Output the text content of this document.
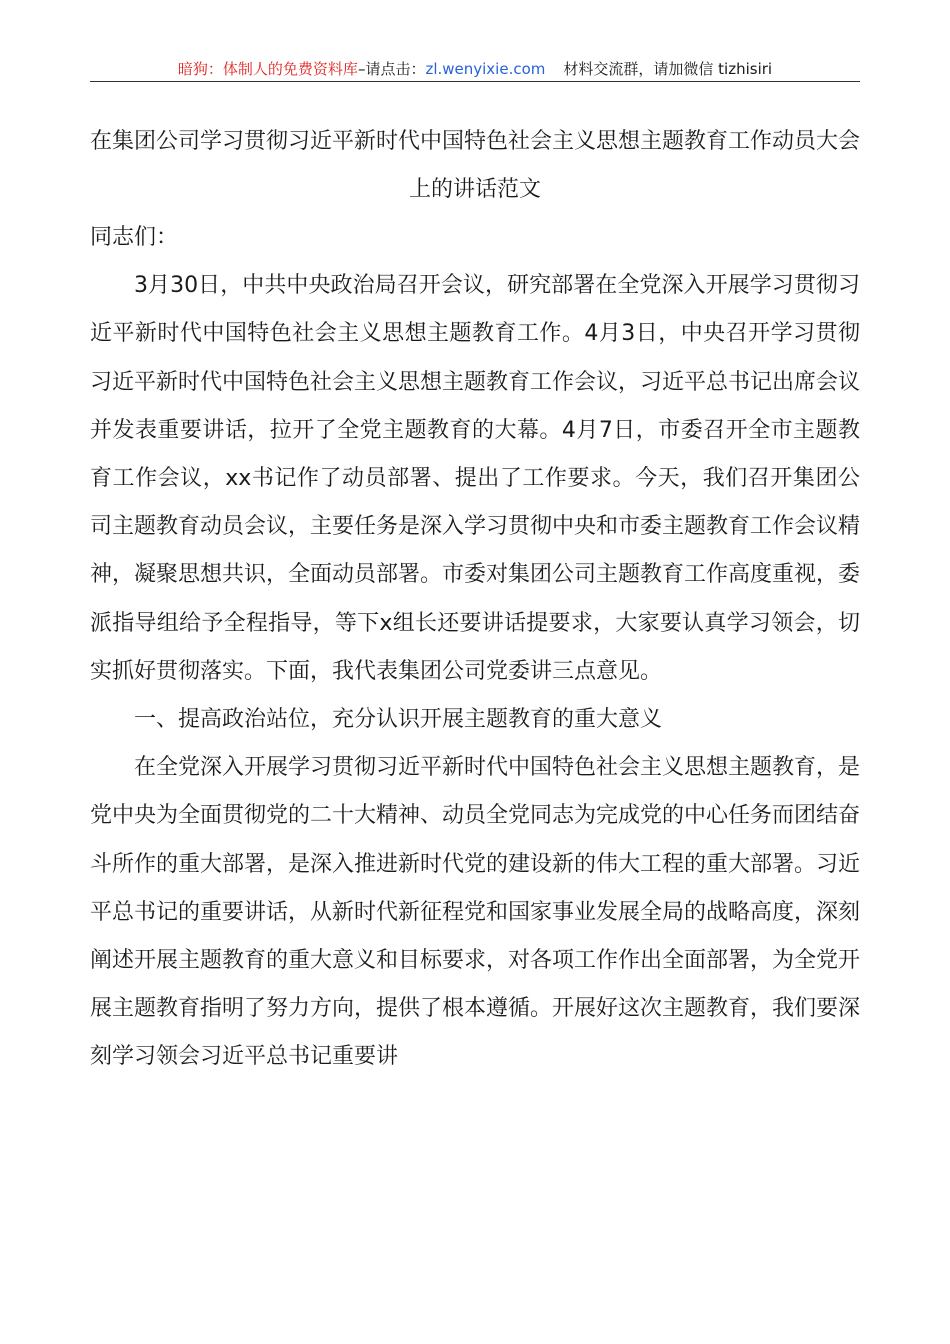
暗狗：体制人的免费资料库–请点击：zl.wenyixie.com 材料交流群，请加微信 tizhisiri
在集团公司学习贯彻习近平新时代中国特色社会主义思想主题教育工作动员大会上的讲话范文

同志们：

3月30日，中共中央政治局召开会议，研究部署在全党深入开展学习贯彻习近平新时代中国特色社会主义思想主题教育工作。4月3日，中央召开学习贯彻习近平新时代中国特色社会主义思想主题教育工作会议，习近平总书记出席会议并发表重要讲话，拉开了全党主题教育的大幕。4月7日，市委召开全市主题教育工作会议，xx书记作了动员部署、提出了工作要求。今天，我们召开集团公司主题教育动员会议，主要任务是深入学习贯彻中央和市委主题教育工作会议精神，凝聚思想共识，全面动员部署。市委对集团公司主题教育工作高度重视，委派指导组给予全程指导，等下x组长还要讲话提要求，大家要认真学习领会，切实抓好贯彻落实。下面，我代表集团公司党委讲三点意见。

一、提高政治站位，充分认识开展主题教育的重大意义

在全党深入开展学习贯彻习近平新时代中国特色社会主义思想主题教育，是党中央为全面贯彻党的二十大精神、动员全党同志为完成党的中心任务而团结奋斗所作的重大部署，是深入推进新时代党的建设新的伟大工程的重大部署。习近平总书记的重要讲话，从新时代新征程党和国家事业发展全局的战略高度，深刻阐述开展主题教育的重大意义和目标要求，对各项工作作出全面部署，为全党开展主题教育指明了努力方向，提供了根本遵循。开展好这次主题教育，我们要深刻学习领会习近平总书记重要讲
